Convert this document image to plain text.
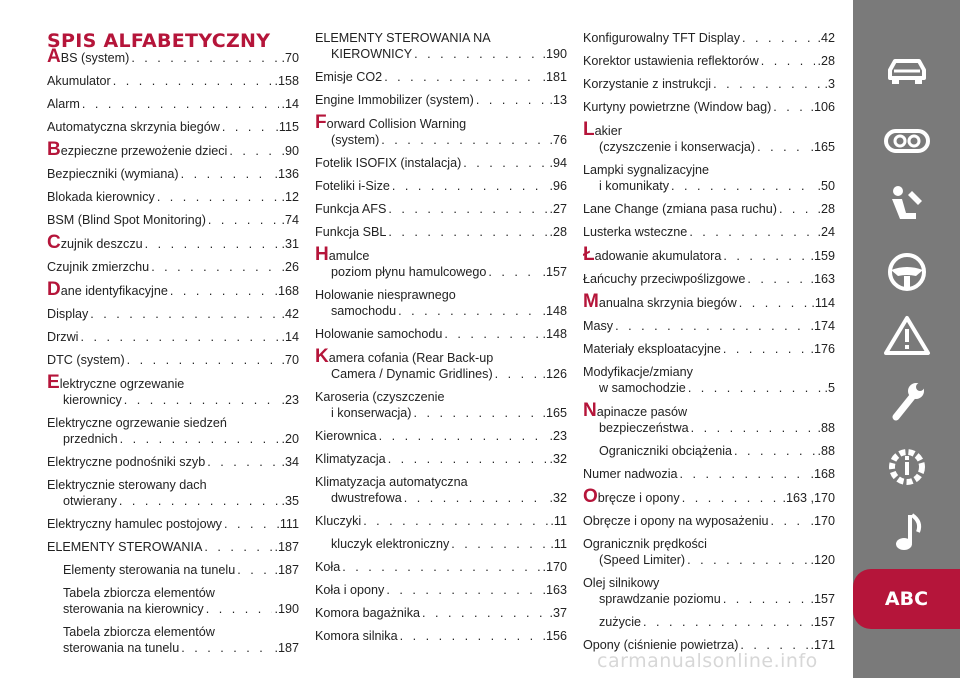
SPIS ALFABETYCZNY
ABS (system) . . .	.70
Akumulator . . .	.158
Alarm . . .	.14
Automatyczna skrzynia biegów . . .	.115
Bezpieczne przewożenie dzieci . . .	.90
Bezpieczniki (wymiana) . . .	.136
Blokada kierownicy . . .	.12
BSM (Blind Spot Monitoring) . . .	.74
Czujnik deszczu . . .	.31
Czujnik zmierzchu . . .	.26
Dane identyfikacyjne . . .	.168
Display . . .	.42
Drzwi . . .	.14
DTC (system) . . .	.70
Elektryczne ogrzewanie
kierownicy . . .	.23
Elektryczne ogrzewanie siedzeń
przednich . . .	.20
Elektryczne podnośniki szyb . . .	.34
Elektrycznie sterowany dach
otwierany . . .	.35
Elektryczny hamulec postojowy . . .	.111
ELEMENTY STEROWANIA . . .	.187
Elementy sterowania na tunelu . . .	.187
Tabela zbiorcza elementów
sterowania na kierownicy . . .	.190
Tabela zbiorcza elementów
sterowania na tunelu . . .	.187
ELEMENTY STEROWANIA NA
KIEROWNICY . . .	.190
Emisje CO2 . . .	.181
Engine Immobilizer (system) . . .	.13
Forward Collision Warning
(system) . . .	.76
Fotelik ISOFIX (instalacja) . . .	.94
Foteliki i-Size . . .	.96
Funkcja AFS . . .	.27
Funkcja SBL . . .	.28
Hamulce
poziom płynu hamulcowego . . .	.157
Holowanie niesprawnego
samochodu . . .	.148
Holowanie samochodu . . .	.148
Kamera cofania (Rear Back-up
Camera / Dynamic Gridlines) . . .	.126
Karoseria (czyszczenie
i konserwacja) . . .	.165
Kierownica . . .	.23
Klimatyzacja . . .	.32
Klimatyzacja automatyczna
dwustrefowa . . .	.32
Kluczyki . . .	.11
kluczyk elektroniczny . . .	.11
Koła . . .	.170
Koła i opony . . .	.163
Komora bagażnika . . .	.37
Komora silnika . . .	.156
Konfigurowalny TFT Display . . .	.42
Korektor ustawienia reflektorów . . .	.28
Korzystanie z instrukcji . . .	.3
Kurtyny powietrzne (Window bag) . . .	.106
Lakier
(czyszczenie i konserwacja) . . .	.165
Lampki sygnalizacyjne
i komunikaty . . .	.50
Lane Change (zmiana pasa ruchu) . . .	.28
Lusterka wsteczne . . .	.24
Ładowanie akumulatora . . .	.159
Łańcuchy przeciwpoślizgowe . . .	.163
Manualna skrzynia biegów . . .	.114
Masy . . .	.174
Materiały eksploatacyjne . . .	.176
Modyfikacje/zmiany
w samochodzie . . .	.5
Napinacze pasów
bezpieczeństwa . . .	.88
Ograniczniki obciążenia . . .	.88
Numer nadwozia . . .	.168
Obręcze i opony . . .	.163 ,170
Obręcze i opony na wyposażeniu . . .	.170
Ogranicznik prędkości
(Speed Limiter) . . .	.120
Olej silnikowy
sprawdzanie poziomu . . .	.157
zużycie . . .	.157
Opony (ciśnienie powietrza) . . .	.171
ABC
carmanualsonline.info
